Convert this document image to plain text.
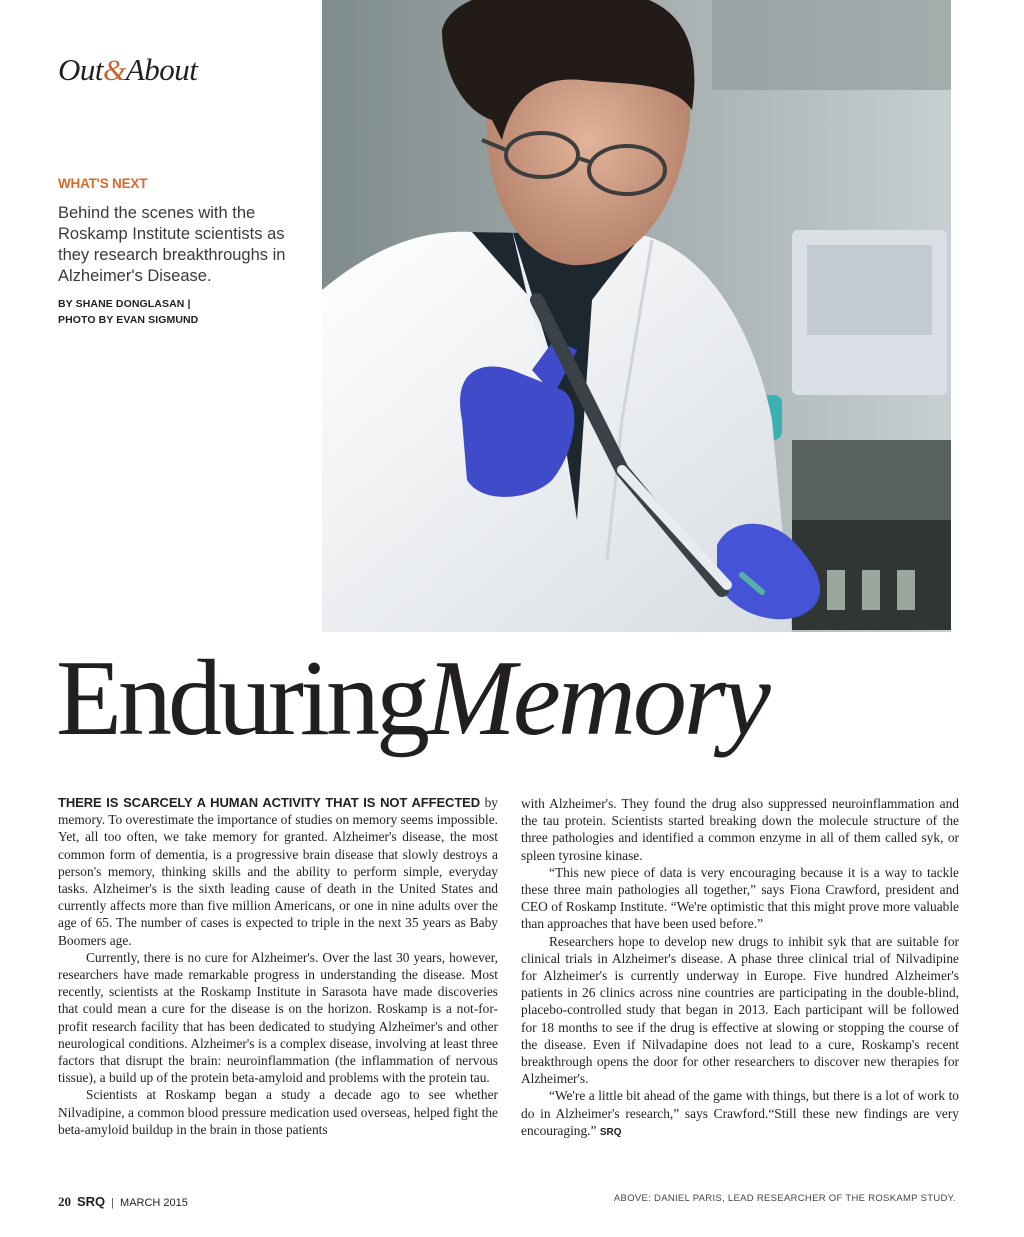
Out&About
WHAT'S NEXT
Behind the scenes with the Roskamp Institute scientists as they research breakthroughs in Alzheimer's Disease.
BY SHANE DONGLASAN |
PHOTO BY EVAN SIGMUND
EnduringMemory

THERE IS SCARCELY A HUMAN ACTIVITY THAT IS NOT AFFECTED by memory. To overestimate the importance of studies on memory seems impossible. Yet, all too often, we take memory for granted. Alzheimer's disease, the most common form of dementia, is a progressive brain disease that slowly destroys a person's memory, thinking skills and the ability to perform simple, everyday tasks. Alzheimer's is the sixth leading cause of death in the United States and currently affects more than five million Americans, or one in nine adults over the age of 65. The number of cases is expected to triple in the next 35 years as Baby Boomers age.

Currently, there is no cure for Alzheimer's. Over the last 30 years, however, researchers have made remarkable progress in understanding the disease. Most recently, scientists at the Roskamp Institute in Sarasota have made discoveries that could mean a cure for the disease is on the horizon. Roskamp is a not-for-profit research facility that has been dedicated to studying Alzheimer's and other neurological conditions. Alzheimer's is a complex disease, involving at least three factors that disrupt the brain: neuroinflammation (the inflammation of nervous tissue), a build up of the protein beta-amyloid and problems with the protein tau.

Scientists at Roskamp began a study a decade ago to see whether Nilvadipine, a common blood pressure medication used overseas, helped fight the beta-amyloid buildup in the brain in those patients

with Alzheimer's. They found the drug also suppressed neuroinflammation and the tau protein. Scientists started breaking down the molecule structure of the three pathologies and identified a common enzyme in all of them called syk, or spleen tyrosine kinase.

“This new piece of data is very encouraging because it is a way to tackle these three main pathologies all together,” says Fiona Crawford, president and CEO of Roskamp Institute. “We're optimistic that this might prove more valuable than approaches that have been used before.”

Researchers hope to develop new drugs to inhibit syk that are suitable for clinical trials in Alzheimer's disease. A phase three clinical trial of Nilvadipine for Alzheimer's is currently underway in Europe. Five hundred Alzheimer's patients in 26 clinics across nine countries are participating in the double-blind, placebo-controlled study that began in 2013. Each participant will be followed for 18 months to see if the drug is effective at slowing or stopping the course of the disease. Even if Nilvadapine does not lead to a cure, Roskamp's recent breakthrough opens the door for other researchers to discover new therapies for Alzheimer's.

“We're a little bit ahead of the game with things, but there is a lot of work to do in Alzheimer's research,” says Crawford.“Still these new findings are very encouraging.” SRQ

20 SRQ | MARCH 2015	ABOVE: DANIEL PARIS, LEAD RESEARCHER OF THE ROSKAMP STUDY.
